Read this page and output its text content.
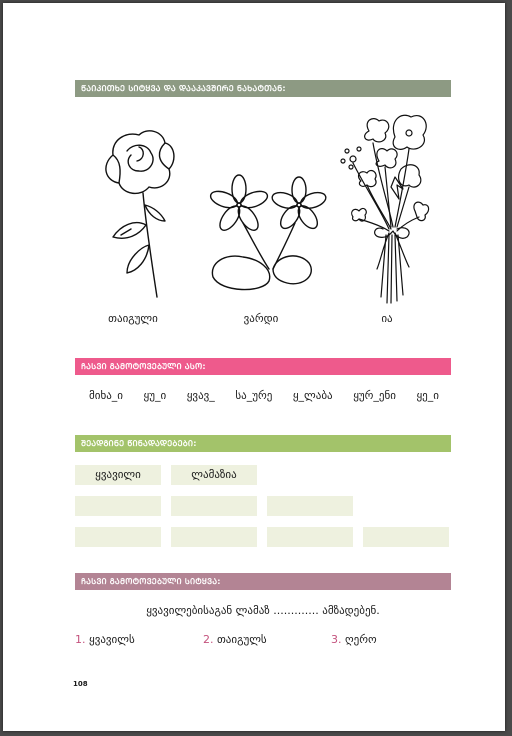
ᲬᲐᲘᲙᲘᲗᲮᲔ ᲡᲘᲢᲧᲕᲐ ᲓᲐ ᲓᲐᲐᲙᲐᲕᲨᲘᲠᲔ ᲜᲐᲮᲐᲢᲗᲐᲜ:
თაიგული	ვარდი	ია
ᲩᲐᲡᲕᲘ ᲒᲐᲛᲝᲢᲝᲕᲔᲑᲣᲚᲘ ᲐᲡᲝ:
მიხა_ი ყუ_ი ყვავ_ სა_ურე ყ_ლაბა ყურ_ენი ყე_ი
ᲨᲔᲐᲓᲒᲘᲜᲔ ᲬᲘᲜᲐᲓᲐᲓᲔᲑᲔᲑᲘ:
ყვავილი	ლამაზია
ᲩᲐᲡᲕᲘ ᲒᲐᲛᲝᲢᲝᲕᲔᲑᲣᲚᲘ ᲡᲘᲢᲧᲕᲐ:
ყვავილებისაგან ლამაზ ............. ამზადებენ.
1. ყვავილს	2. თაიგულს	3. ღერო
108
